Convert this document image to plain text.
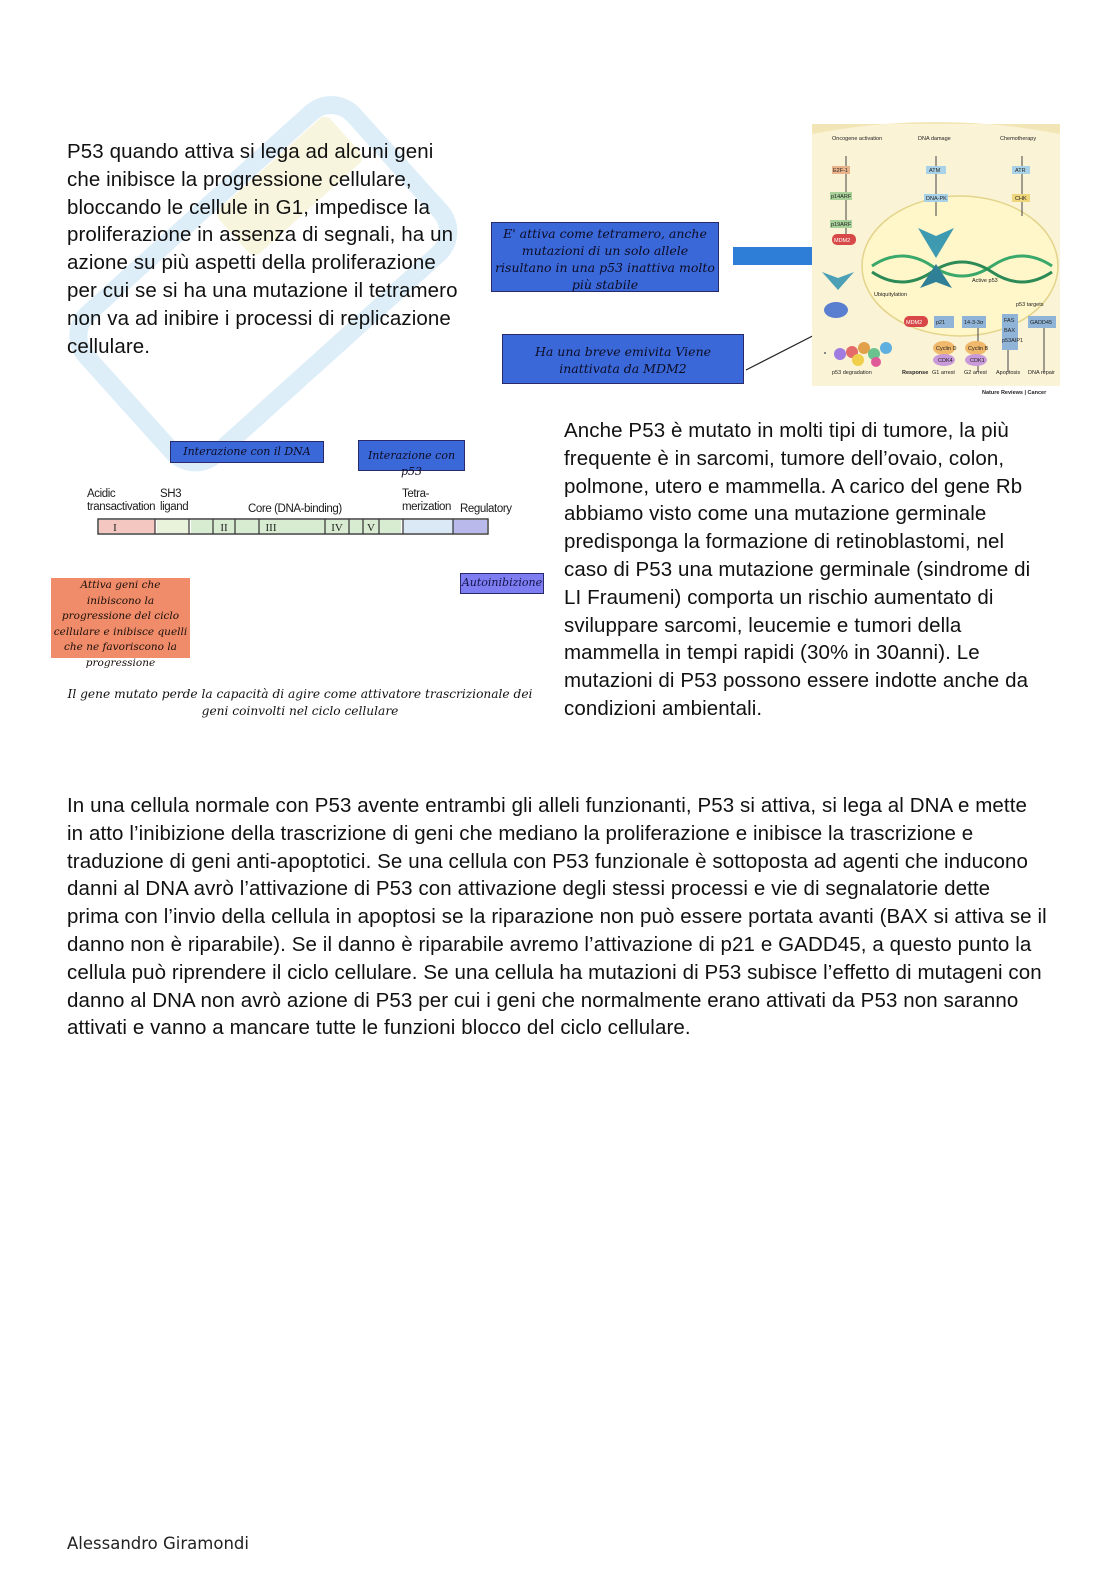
P53 quando attiva si lega ad alcuni geni che inibisce la progressione cellulare, bloccando le cellule in G1, impedisce la proliferazione in assenza di segnali, ha un azione su più aspetti della proliferazione per cui se si ha una mutazione il tetramero non va ad inibire i processi di replicazione cellulare.
E' attiva come tetramero, anche mutazioni di un solo allele risultano in una p53 inattiva molto più stabile
Ha una breve emivita Viene inattivata da MDM2
Oncogene activation	DNA damage	Chemotherapy
E2F-1
p14ARF
p19ARF
MDM2
ATM
DNA-PK	CHK
ATR
Ubiquitylation
Active p53
p53 degradation	Response G1 arrest G2 arrest Apoptosis DNA repair
p53 targets
p21	14-3-3σ	GADD45
Cyclin D
CDK4
Cyclin B
CDK1
FAS
BAX
p53AIP1
MDM2
Nature Reviews | Cancer
Interazione con il DNA	Interazione con p53
Acidic transactivation
SH3 ligand	Core (DNA-binding)
Tetra-merization Regulatory
I	II	III	IV V
Attiva geni che inibiscono la progressione del ciclo cellulare e inibisce quelli che ne favoriscono la progressione
Autoinibizione
Il gene mutato perde la capacità di agire come attivatore trascrizionale dei geni coinvolti nel ciclo cellulare
Anche P53 è mutato in molti tipi di tumore, la più frequente è in sarcomi, tumore dell’ovaio, colon, polmone, utero e mammella. A carico del gene Rb abbiamo visto come una mutazione germinale predisponga la formazione di retinoblastomi, nel caso di P53 una mutazione germinale (sindrome di LI Fraumeni) comporta un rischio aumentato di sviluppare sarcomi, leucemie e tumori della mammella in tempi rapidi (30% in 30anni). Le mutazioni di P53 possono essere indotte anche da condizioni ambientali.
In una cellula normale con P53 avente entrambi gli alleli funzionanti, P53 si attiva, si lega al DNA e mette in atto l’inibizione della trascrizione di geni che mediano la proliferazione e inibisce la trascrizione e traduzione di geni anti-apoptotici. Se una cellula con P53 funzionale è sottoposta ad agenti che inducono danni al DNA avrò l’attivazione di P53 con attivazione degli stessi processi e vie di segnalatorie dette prima con l’invio della cellula in apoptosi se la riparazione non può essere portata avanti (BAX si attiva se il danno non è riparabile). Se il danno è riparabile avremo l’attivazione di p21 e GADD45, a questo punto la cellula può riprendere il ciclo cellulare. Se una cellula ha mutazioni di P53 subisce l’effetto di mutageni con danno al DNA non avrò azione di P53 per cui i geni che normalmente erano attivati da P53 non saranno attivati e vanno a mancare tutte le funzioni blocco del ciclo cellulare.
Alessandro Giramondi
